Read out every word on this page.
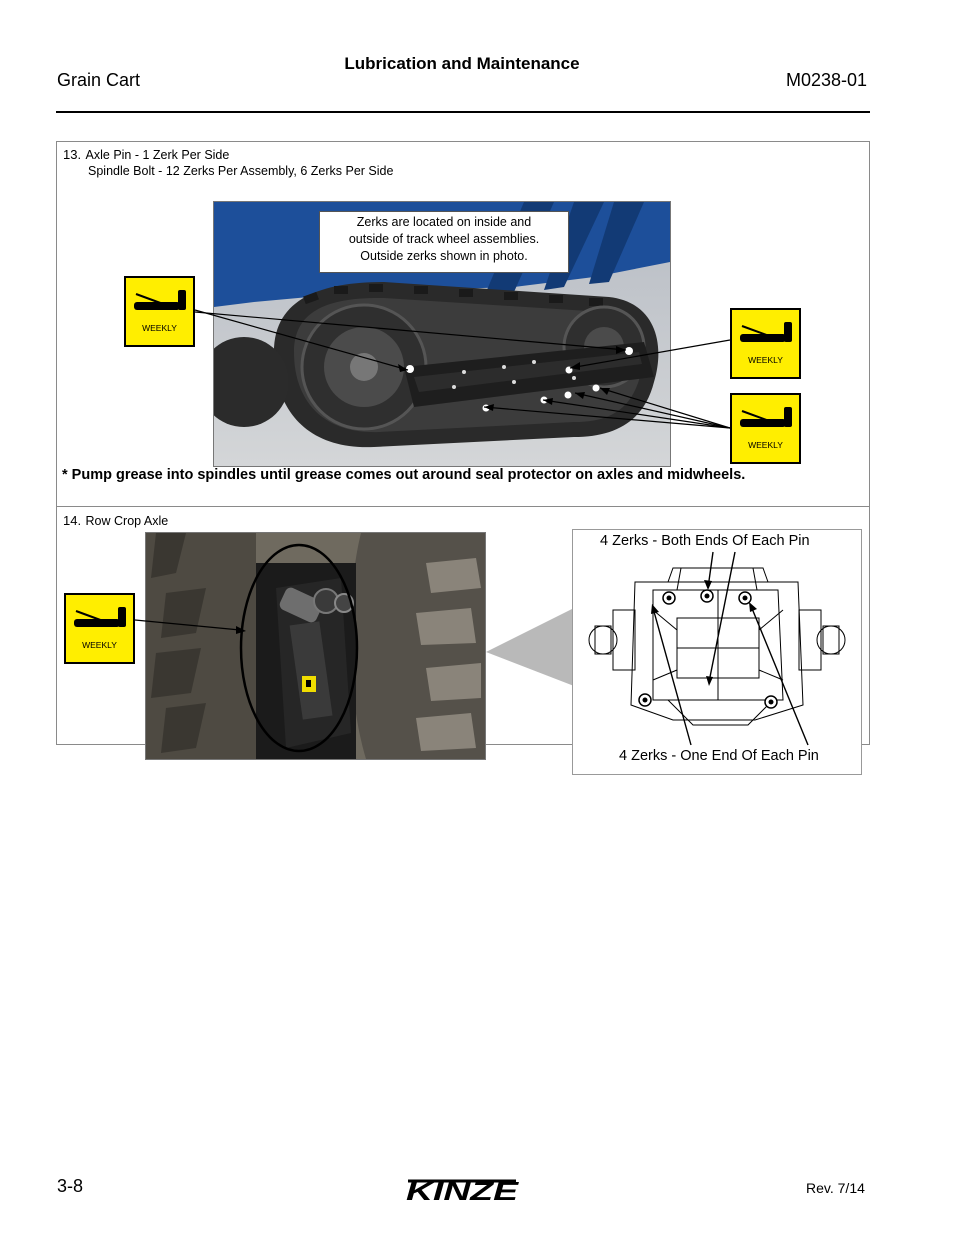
Lubrication and Maintenance
Grain Cart	M0238-01
13. Axle Pin - 1 Zerk Per Side
Spindle Bolt - 12 Zerks Per Assembly, 6 Zerks Per Side
Zerks are located on inside and
outside of track wheel assemblies.
Outside zerks shown in photo.
WEEKLY
WEEKLY
WEEKLY
* Pump grease into spindles until grease comes out around seal protector on axles and midwheels.
14. Row Crop Axle
WEEKLY
4 Zerks - Both Ends Of Each Pin
4 Zerks - One End Of Each Pin
3-8	KINZE	Rev. 7/14
